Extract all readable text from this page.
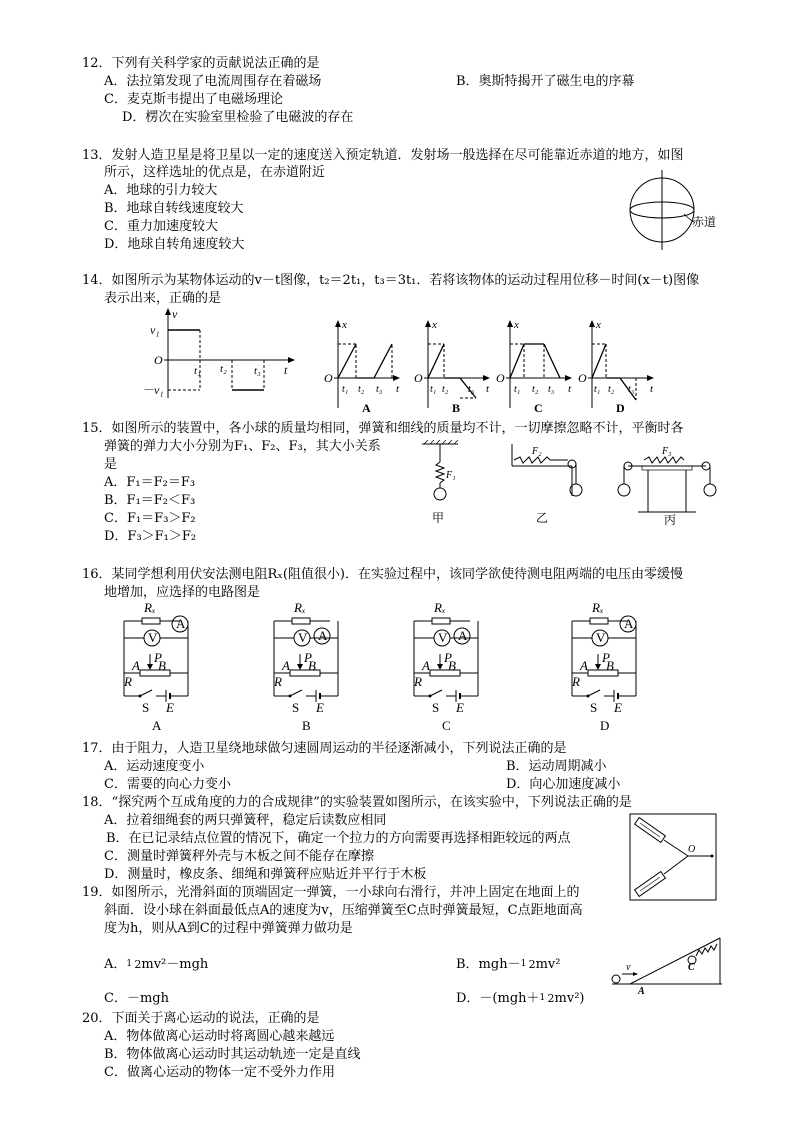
12．下列有关科学家的贡献说法正确的是
A．法拉第发现了电流周围存在着磁场	B．奥斯特揭开了磁生电的序幕
C．麦克斯韦提出了电磁场理论
D．楞次在实验室里检验了电磁波的存在
13．发射人造卫星是将卫星以一定的速度送入预定轨道．发射场一般选择在尽可能靠近赤道的地方，如图
所示，这样选址的优点是，在赤道附近
A．地球的引力较大
B．地球自转线速度较大
C．重力加速度较大
D．地球自转角速度较大
赤道
14．如图所示为某物体运动的v－t图像，t₂＝2t₁，t₃＝3t₁．若将该物体的运动过程用位移－时间(x－t)图像
表示出来，正确的是
v
v₁
O
－v₁
t₁ t₂ t₃ t
x
O
t
t₁ t₂ t₃
A
x
O
t
t₁ t₂ t₃
B
x
O
t
t₁ t₂ t₃
C
x
O
t
t₁ t₂ t₃
D
15．如图所示的装置中，各小球的质量均相同，弹簧和细线的质量均不计，一切摩擦忽略不计，平衡时各
弹簧的弹力大小分别为F₁、F₂、F₃，其大小关系
是
A．F₁＝F₂＝F₃
B．F₁＝F₂＜F₃
C．F₁＝F₃＞F₂
D．F₃＞F₁＞F₂
F₁
甲
F₂
乙
F₃
丙
16．某同学想利用伏安法测电阻Rₓ(阻值很小)．在实验过程中，该同学欲使待测电阻两端的电压由零缓慢
地增加，应选择的电路图是
Rₓ
A
V
P
A B
R
S E
A
Rₓ
A
V
P
A B
R
S E
B
Rₓ
A
V
P
A B
R
S E
C
Rₓ
A
V
P
A B
R
S E
D
17．由于阻力，人造卫星绕地球做匀速圆周运动的半径逐渐减小，下列说法正确的是
A．运动速度变小	B．运动周期减小
C．需要的向心力变小	D．向心加速度减小
18．“探究两个互成角度的力的合成规律”的实验装置如图所示，在该实验中，下列说法正确的是
A．拉着细绳套的两只弹簧秤，稳定后读数应相同
B．在已记录结点位置的情况下，确定一个拉力的方向需要再选择相距较远的两点
C．测量时弹簧秤外壳与木板之间不能存在摩擦
D．测量时，橡皮条、细绳和弹簧秤应贴近并平行于木板
O
19．如图所示，光滑斜面的顶端固定一弹簧，一小球向右滑行，并冲上固定在地面上的
斜面．设小球在斜面最低点A的速度为v，压缩弹簧至C点时弹簧最短，C点距地面高
度为h，则从A到C的过程中弹簧弹力做功是
A． 1 2mv²－mgh	B．mgh－ 1 2mv²
C．－mgh	D．－(mgh＋ 1 2mv²)
v	C
A
20．下面关于离心运动的说法，正确的是
A．物体做离心运动时将离圆心越来越远
B．物体做离心运动时其运动轨迹一定是直线
C．做离心运动的物体一定不受外力作用
